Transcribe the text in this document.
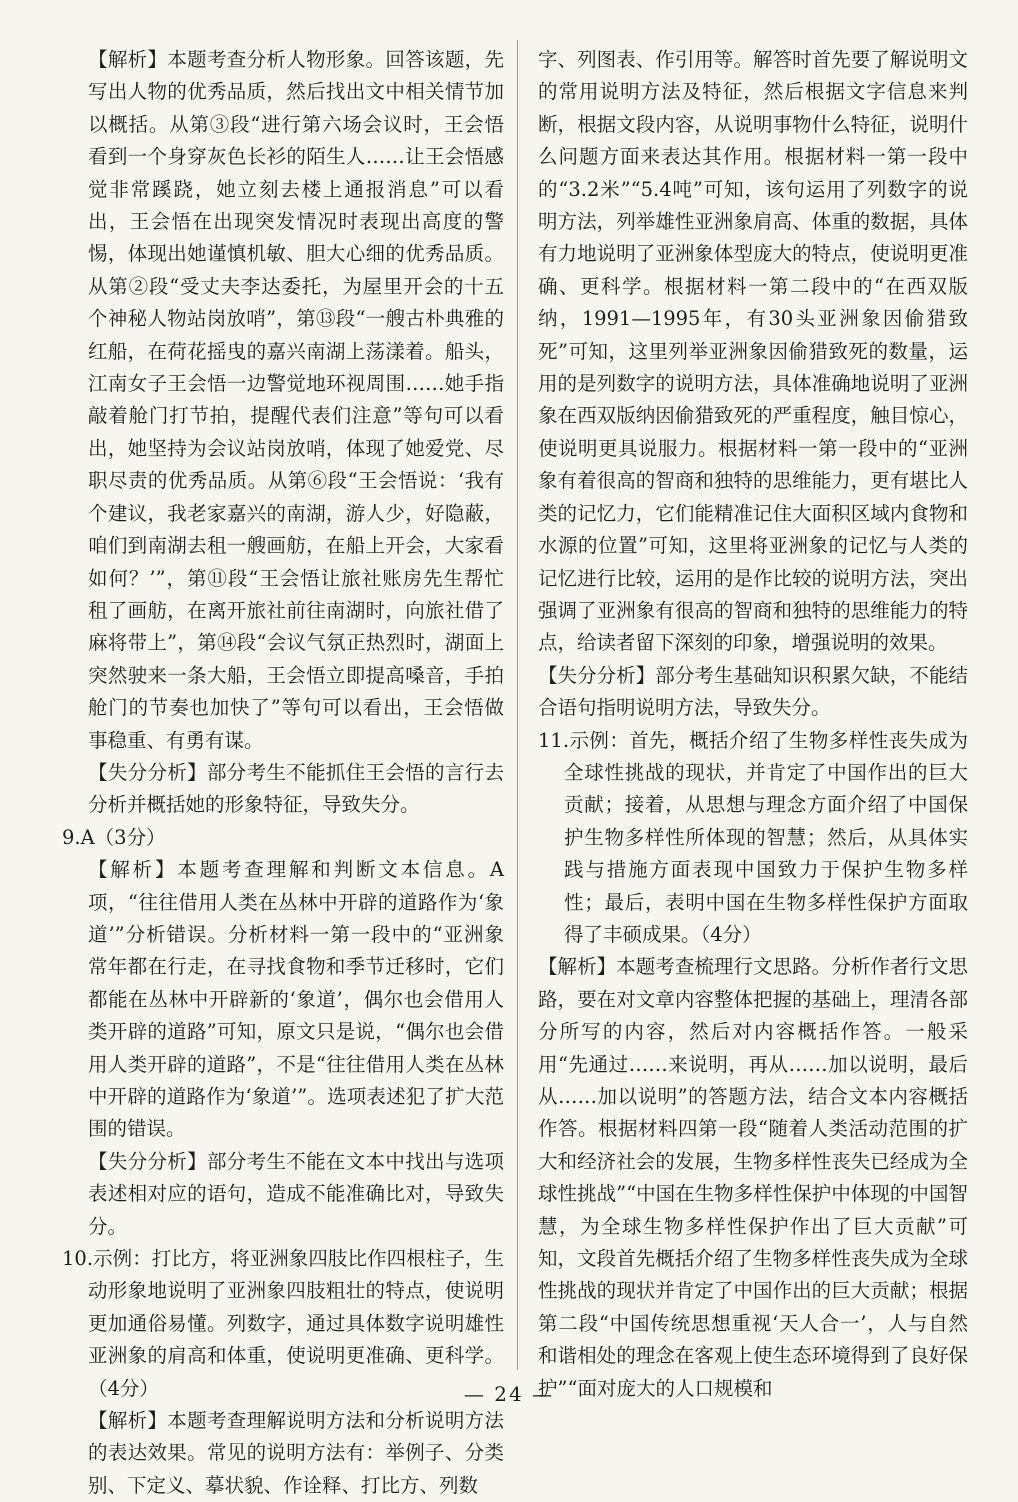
【解析】本题考查分析人物形象。回答该题，先写出人物的优秀品质，然后找出文中相关情节加以概括。从第③段“进行第六场会议时，王会悟看到一个身穿灰色长衫的陌生人……让王会悟感觉非常蹊跷，她立刻去楼上通报消息”可以看出，王会悟在出现突发情况时表现出高度的警惕，体现出她谨慎机敏、胆大心细的优秀品质。从第②段“受丈夫李达委托，为屋里开会的十五个神秘人物站岗放哨”，第⑬段“一艘古朴典雅的红船，在荷花摇曳的嘉兴南湖上荡漾着。船头，江南女子王会悟一边警觉地环视周围……她手指敲着舱门打节拍，提醒代表们注意”等句可以看出，她坚持为会议站岗放哨，体现了她爱党、尽职尽责的优秀品质。从第⑥段“王会悟说：‘我有个建议，我老家嘉兴的南湖，游人少，好隐蔽，咱们到南湖去租一艘画舫，在船上开会，大家看如何？’”，第⑪段“王会悟让旅社账房先生帮忙租了画舫，在离开旅社前往南湖时，向旅社借了麻将带上”，第⑭段“会议气氛正热烈时，湖面上突然驶来一条大船，王会悟立即提高嗓音，手拍舱门的节奏也加快了”等句可以看出，王会悟做事稳重、有勇有谋。

【失分分析】部分考生不能抓住王会悟的言行去分析并概括她的形象特征，导致失分。

9.A（3分）

【解析】本题考查理解和判断文本信息。A项，“往往借用人类在丛林中开辟的道路作为‘象道’”分析错误。分析材料一第一段中的“亚洲象常年都在行走，在寻找食物和季节迁移时，它们都能在丛林中开辟新的‘象道’，偶尔也会借用人类开辟的道路”可知，原文只是说，“偶尔也会借用人类开辟的道路”，不是“往往借用人类在丛林中开辟的道路作为‘象道’”。选项表述犯了扩大范围的错误。

【失分分析】部分考生不能在文本中找出与选项表述相对应的语句，造成不能准确比对，导致失分。

10.示例：打比方，将亚洲象四肢比作四根柱子，生动形象地说明了亚洲象四肢粗壮的特点，使说明更加通俗易懂。列数字，通过具体数字说明雄性亚洲象的肩高和体重，使说明更准确、更科学。（4分）

【解析】本题考查理解说明方法和分析说明方法的表达效果。常见的说明方法有：举例子、分类别、下定义、摹状貌、作诠释、打比方、列数

字、列图表、作引用等。解答时首先要了解说明文的常用说明方法及特征，然后根据文字信息来判断，根据文段内容，从说明事物什么特征，说明什么问题方面来表达其作用。根据材料一第一段中的“3.2米”“5.4吨”可知，该句运用了列数字的说明方法，列举雄性亚洲象肩高、体重的数据，具体有力地说明了亚洲象体型庞大的特点，使说明更准确、更科学。根据材料一第二段中的“在西双版纳，1991—1995年，有30头亚洲象因偷猎致死”可知，这里列举亚洲象因偷猎致死的数量，运用的是列数字的说明方法，具体准确地说明了亚洲象在西双版纳因偷猎致死的严重程度，触目惊心，使说明更具说服力。根据材料一第一段中的“亚洲象有着很高的智商和独特的思维能力，更有堪比人类的记忆力，它们能精准记住大面积区域内食物和水源的位置”可知，这里将亚洲象的记忆与人类的记忆进行比较，运用的是作比较的说明方法，突出强调了亚洲象有很高的智商和独特的思维能力的特点，给读者留下深刻的印象，增强说明的效果。

【失分分析】部分考生基础知识积累欠缺，不能结合语句指明说明方法，导致失分。

11.示例：首先，概括介绍了生物多样性丧失成为全球性挑战的现状，并肯定了中国作出的巨大贡献；接着，从思想与理念方面介绍了中国保护生物多样性所体现的智慧；然后，从具体实践与措施方面表现中国致力于保护生物多样性；最后，表明中国在生物多样性保护方面取得了丰硕成果。（4分）

【解析】本题考查梳理行文思路。分析作者行文思路，要在对文章内容整体把握的基础上，理清各部分所写的内容，然后对内容概括作答。一般采用“先通过……来说明，再从……加以说明，最后从……加以说明”的答题方法，结合文本内容概括作答。根据材料四第一段“随着人类活动范围的扩大和经济社会的发展，生物多样性丧失已经成为全球性挑战”“中国在生物多样性保护中体现的中国智慧，为全球生物多样性保护作出了巨大贡献”可知，文段首先概括介绍了生物多样性丧失成为全球性挑战的现状并肯定了中国作出的巨大贡献；根据第二段“中国传统思想重视‘天人合一’，人与自然和谐相处的理念在客观上使生态环境得到了良好保护”“面对庞大的人口规模和

— 24 —
